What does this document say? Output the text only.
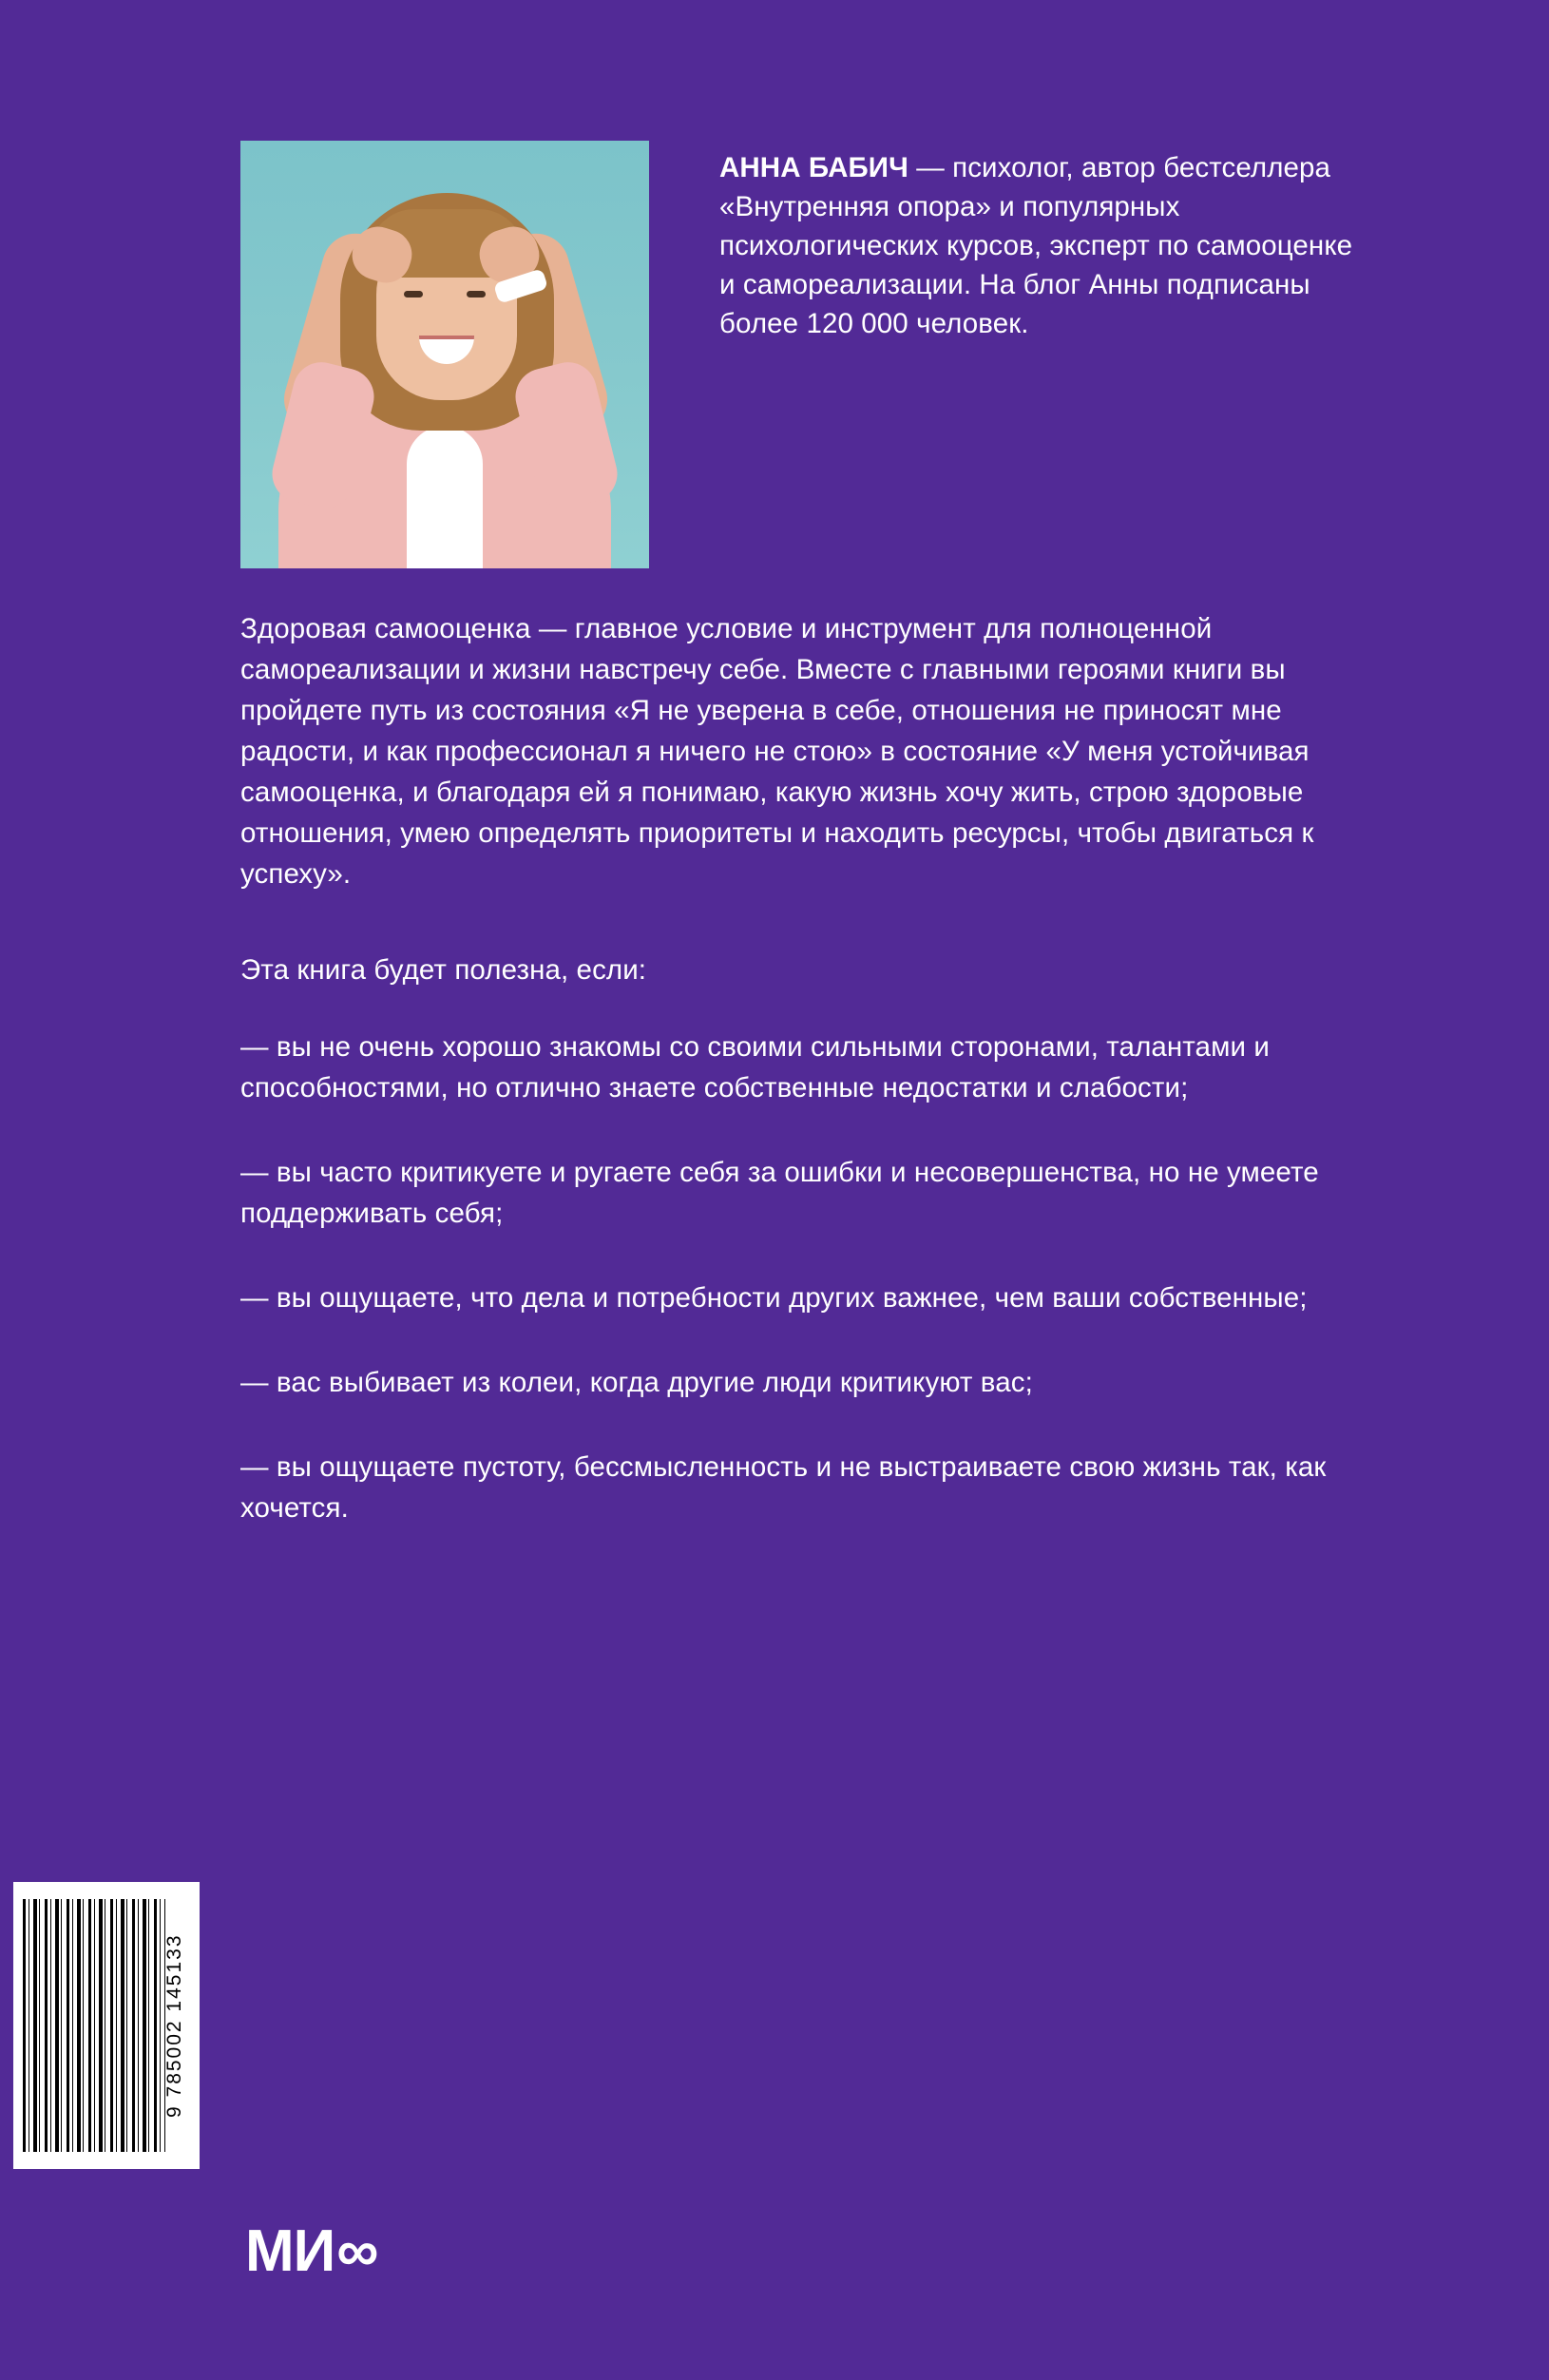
АННА БАБИЧ — психолог, автор бестселлера «Внутренняя опора» и популярных психологических курсов, эксперт по самооценке и самореализации. На блог Анны подписаны более 120 000 человек.

Здоровая самооценка — главное условие и инструмент для полноценной самореализации и жизни навстречу себе. Вместе с главными героями книги вы пройдете путь из состояния «Я не уверена в себе, отношения не приносят мне радости, и как профессионал я ничего не стою» в состояние «У меня устойчивая самооценка, и благодаря ей я понимаю, какую жизнь хочу жить, строю здоровые отношения, умею определять приоритеты и находить ресурсы, чтобы двигаться к успеху».

Эта книга будет полезна, если:

— вы не очень хорошо знакомы со своими сильными сторонами, талантами и способностями, но отлично знаете собственные недостатки и слабости;

— вы часто критикуете и ругаете себя за ошибки и несовершенства, но не умеете поддерживать себя;

— вы ощущаете, что дела и потребности других важнее, чем ваши собственные;

— вас выбивает из колеи, когда другие люди критикуют вас;

— вы ощущаете пустоту, бессмысленность и не выстраиваете свою жизнь так, как хочется.

9 785002 145133
МИ ∞
